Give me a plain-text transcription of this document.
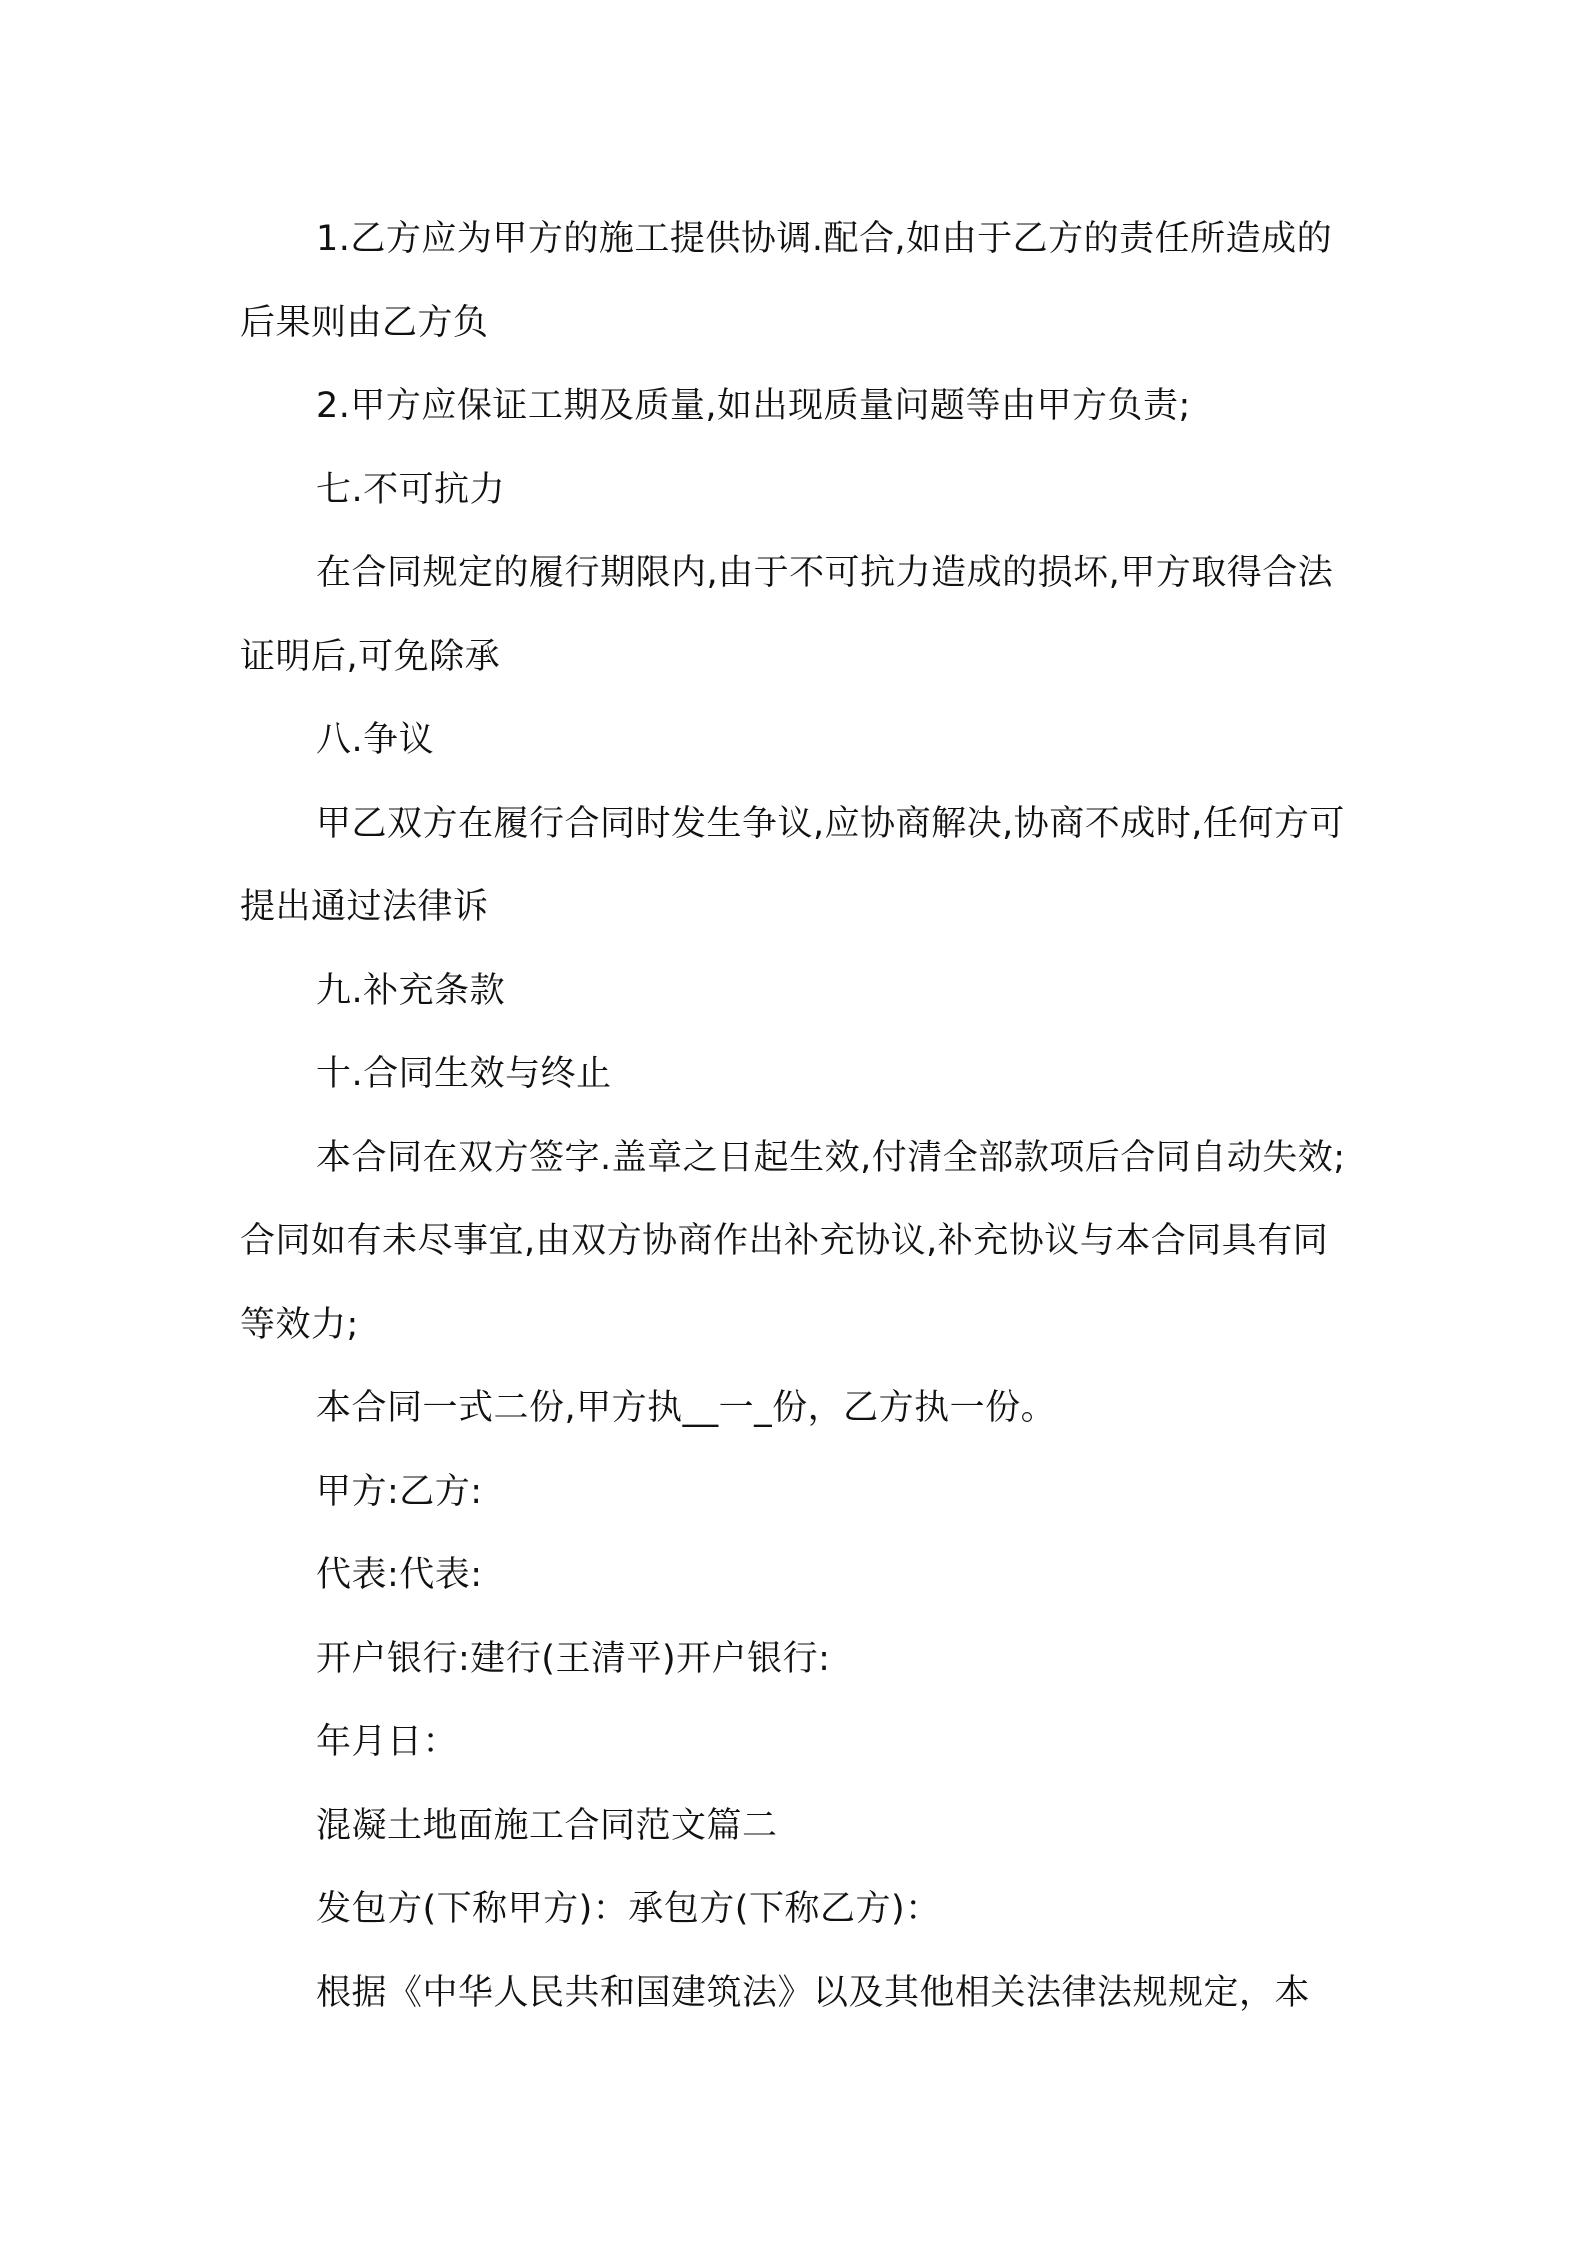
1.乙方应为甲方的施工提供协调.配合,如由于乙方的责任所造成的后果则由乙方负

2.甲方应保证工期及质量,如出现质量问题等由甲方负责;

七.不可抗力

在合同规定的履行期限内,由于不可抗力造成的损坏,甲方取得合法证明后,可免除承

八.争议

甲乙双方在履行合同时发生争议,应协商解决,协商不成时,任何方可提出通过法律诉

九.补充条款

十.合同生效与终止

本合同在双方签字.盖章之日起生效,付清全部款项后合同自动失效;合同如有未尽事宜,由双方协商作出补充协议,补充协议与本合同具有同等效力;

本合同一式二份,甲方执__一_份，乙方执一份。

甲方:乙方:

代表:代表:

开户银行:建行(王清平)开户银行:

年月日：

混凝土地面施工合同范文篇二

发包方(下称甲方)：承包方(下称乙方)：

根据《中华人民共和国建筑法》以及其他相关法律法规规定，本
